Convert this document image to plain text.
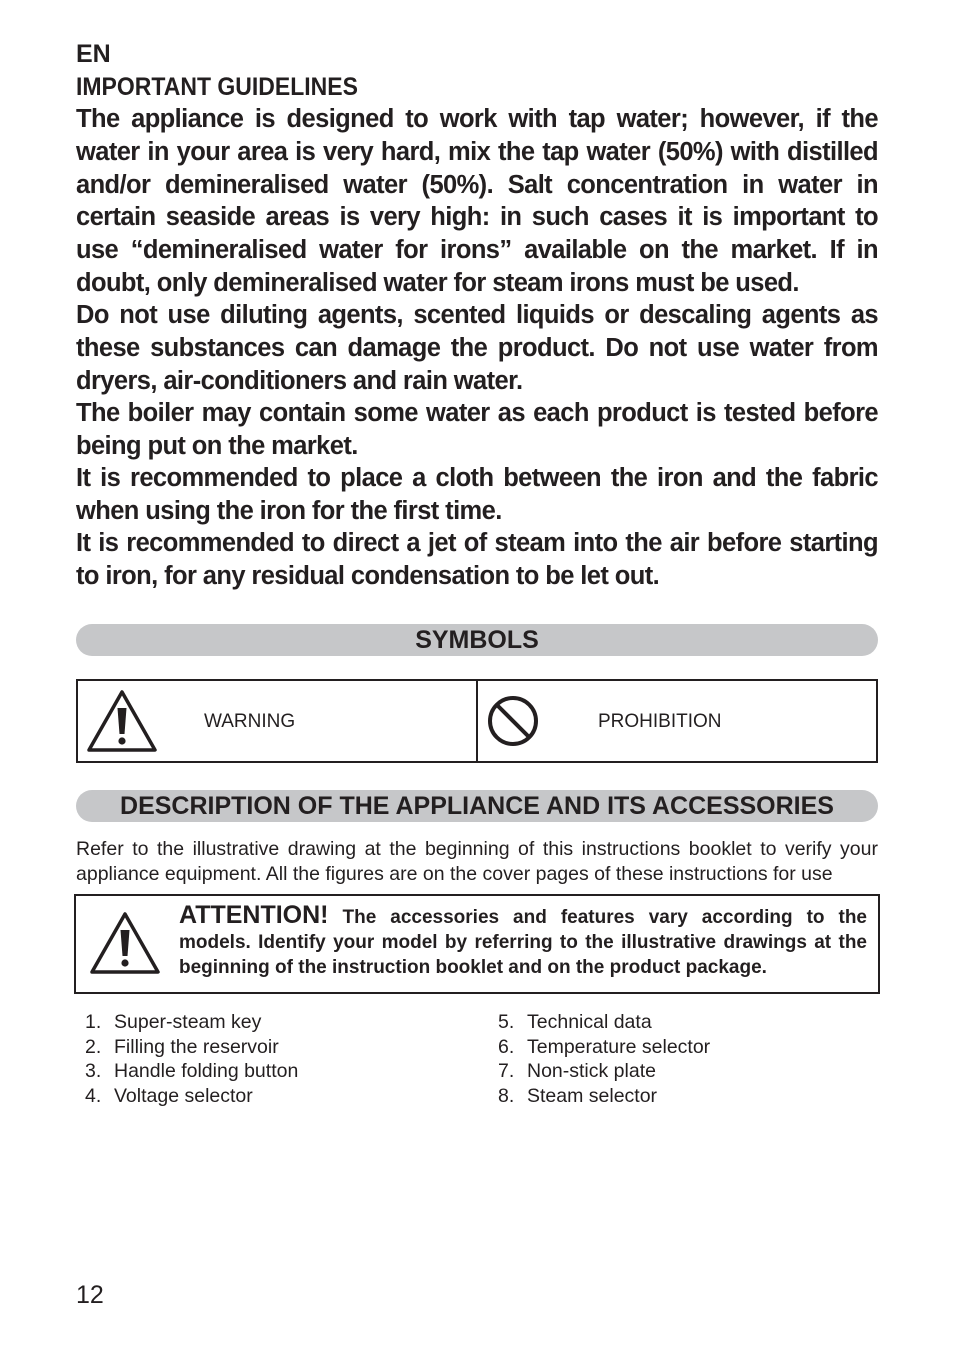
EN
IMPORTANT GUIDELINES

The appliance is designed to work with tap water; however, if the water in your area is very hard, mix the tap water (50%) with distilled and/or demineralised water (50%). Salt concentration in water in certain seaside areas is very high: in such cases it is important to use “demineralised water for irons” available on the market. If in doubt, only demineralised water for steam irons must be used.

Do not use diluting agents, scented liquids or descaling agents as these substances can damage the product. Do not use water from dryers, air-conditioners and rain water.

The boiler may contain some water as each product is tested before being put on the market.

It is recommended to place a cloth between the iron and the fabric when using the iron for the first time.

It is recommended to direct a jet of steam into the air before starting to iron, for any residual condensation to be let out.

SYMBOLS
WARNING	PROHIBITION
DESCRIPTION OF THE APPLIANCE AND ITS ACCESSORIES

Refer to the illustrative drawing at the beginning of this instructions booklet to verify your appliance equipment. All the figures are on the cover pages of these instructions for use

ATTENTION! The accessories and features vary according to the models. Identify your model by referring to the illustrative drawings at the beginning of the instruction booklet and on the product package.
1. Super-steam key
2. Filling the reservoir
3. Handle folding button
4. Voltage selector
5. Technical data
6. Temperature selector
7. Non-stick plate
8. Steam selector
12
